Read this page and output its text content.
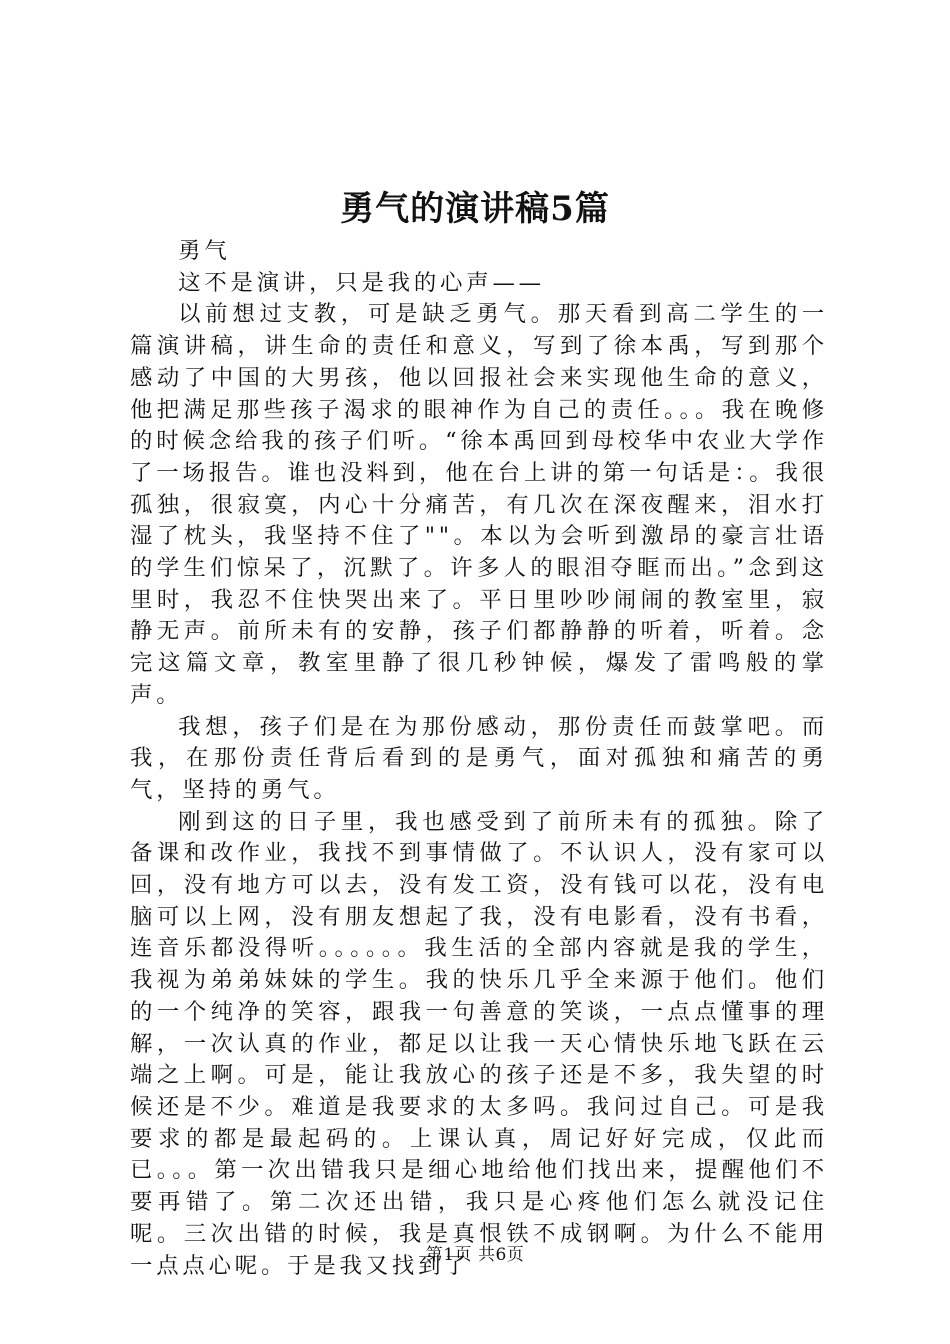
勇气的演讲稿5篇

勇气

这不是演讲，只是我的心声——

以前想过支教，可是缺乏勇气。那天看到高二学生的一篇演讲稿，讲生命的责任和意义，写到了徐本禹，写到那个感动了中国的大男孩，他以回报社会来实现他生命的意义，他把满足那些孩子渴求的眼神作为自己的责任。。。我在晚修的时候念给我的孩子们听。“徐本禹回到母校华中农业大学作了一场报告。谁也没料到，他在台上讲的第一句话是：。我很孤独，很寂寞，内心十分痛苦，有几次在深夜醒来，泪水打湿了枕头，我坚持不住了""。本以为会听到激昂的豪言壮语的学生们惊呆了，沉默了。许多人的眼泪夺眶而出。”念到这里时，我忍不住快哭出来了。平日里吵吵闹闹的教室里，寂静无声。前所未有的安静，孩子们都静静的听着，听着。念完这篇文章，教室里静了很几秒钟候，爆发了雷鸣般的掌声。

我想，孩子们是在为那份感动，那份责任而鼓掌吧。而我，在那份责任背后看到的是勇气，面对孤独和痛苦的勇气，坚持的勇气。

刚到这的日子里，我也感受到了前所未有的孤独。除了备课和改作业，我找不到事情做了。不认识人，没有家可以回，没有地方可以去，没有发工资，没有钱可以花，没有电脑可以上网，没有朋友想起了我，没有电影看，没有书看，连音乐都没得听。。。。。。我生活的全部内容就是我的学生，我视为弟弟妹妹的学生。我的快乐几乎全来源于他们。他们的一个纯净的笑容，跟我一句善意的笑谈，一点点懂事的理解，一次认真的作业，都足以让我一天心情快乐地飞跃在云端之上啊。可是，能让我放心的孩子还是不多，我失望的时候还是不少。难道是我要求的太多吗。我问过自己。可是我要求的都是最起码的。上课认真，周记好好完成，仅此而已。。。第一次出错我只是细心地给他们找出来，提醒他们不要再错了。第二次还出错，我只是心疼他们怎么就没记住呢。三次出错的时候，我是真恨铁不成钢啊。为什么不能用一点点心呢。于是我又找到了

第1页 共6页
